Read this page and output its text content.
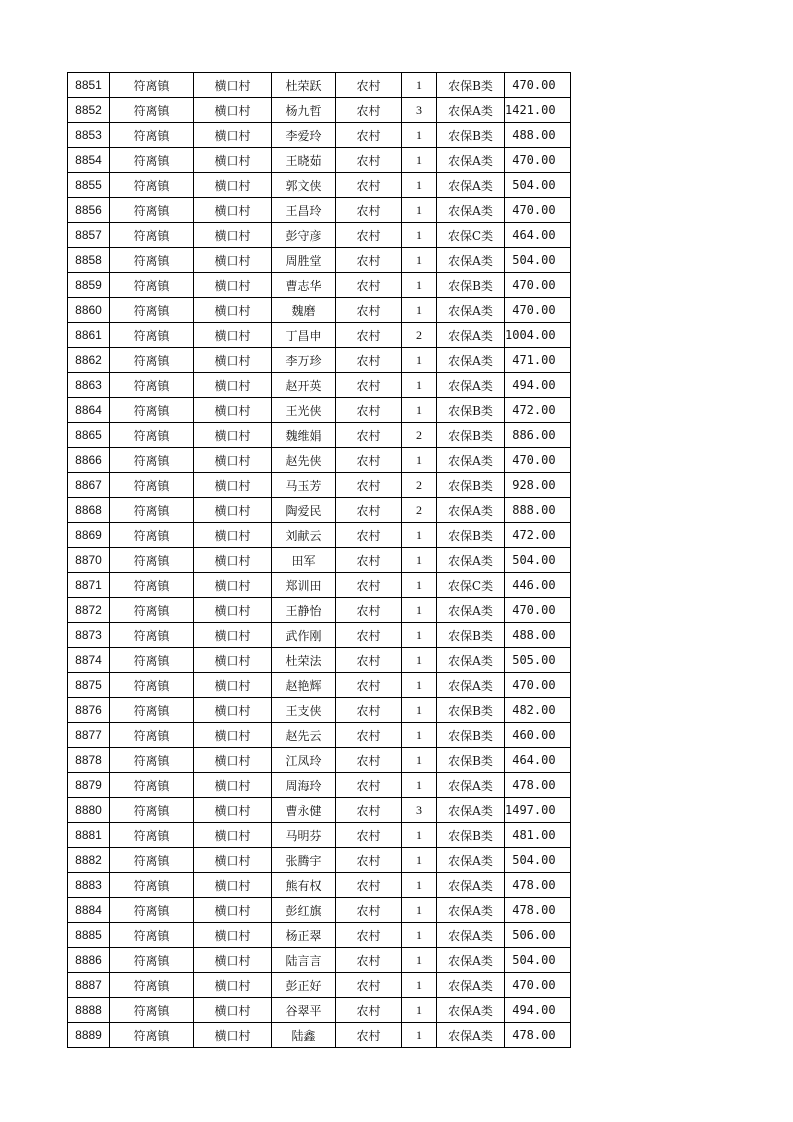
8851	符离镇	横口村	杜荣跃	农村	1	农保B类	470.00
8852	符离镇	横口村	杨九哲	农村	3	农保A类	1421.00
8853	符离镇	横口村	李爱玲	农村	1	农保B类	488.00
8854	符离镇	横口村	王晓茹	农村	1	农保A类	470.00
8855	符离镇	横口村	郭文侠	农村	1	农保A类	504.00
8856	符离镇	横口村	王昌玲	农村	1	农保A类	470.00
8857	符离镇	横口村	彭守彦	农村	1	农保C类	464.00
8858	符离镇	横口村	周胜堂	农村	1	农保A类	504.00
8859	符离镇	横口村	曹志华	农村	1	农保B类	470.00
8860	符离镇	横口村	魏磨	农村	1	农保A类	470.00
8861	符离镇	横口村	丁昌申	农村	2	农保A类	1004.00
8862	符离镇	横口村	李万珍	农村	1	农保A类	471.00
8863	符离镇	横口村	赵开英	农村	1	农保A类	494.00
8864	符离镇	横口村	王光侠	农村	1	农保B类	472.00
8865	符离镇	横口村	魏维娟	农村	2	农保B类	886.00
8866	符离镇	横口村	赵先侠	农村	1	农保A类	470.00
8867	符离镇	横口村	马玉芳	农村	2	农保B类	928.00
8868	符离镇	横口村	陶爱民	农村	2	农保A类	888.00
8869	符离镇	横口村	刘献云	农村	1	农保B类	472.00
8870	符离镇	横口村	田军	农村	1	农保A类	504.00
8871	符离镇	横口村	郑训田	农村	1	农保C类	446.00
8872	符离镇	横口村	王静怡	农村	1	农保A类	470.00
8873	符离镇	横口村	武作刚	农村	1	农保B类	488.00
8874	符离镇	横口村	杜荣法	农村	1	农保A类	505.00
8875	符离镇	横口村	赵艳辉	农村	1	农保A类	470.00
8876	符离镇	横口村	王支侠	农村	1	农保B类	482.00
8877	符离镇	横口村	赵先云	农村	1	农保B类	460.00
8878	符离镇	横口村	江凤玲	农村	1	农保B类	464.00
8879	符离镇	横口村	周海玲	农村	1	农保A类	478.00
8880	符离镇	横口村	曹永健	农村	3	农保A类	1497.00
8881	符离镇	横口村	马明芬	农村	1	农保B类	481.00
8882	符离镇	横口村	张腾宇	农村	1	农保A类	504.00
8883	符离镇	横口村	熊有权	农村	1	农保A类	478.00
8884	符离镇	横口村	彭红旗	农村	1	农保A类	478.00
8885	符离镇	横口村	杨正翠	农村	1	农保A类	506.00
8886	符离镇	横口村	陆言言	农村	1	农保A类	504.00
8887	符离镇	横口村	彭正好	农村	1	农保A类	470.00
8888	符离镇	横口村	谷翠平	农村	1	农保A类	494.00
8889	符离镇	横口村	陆鑫	农村	1	农保A类	478.00
